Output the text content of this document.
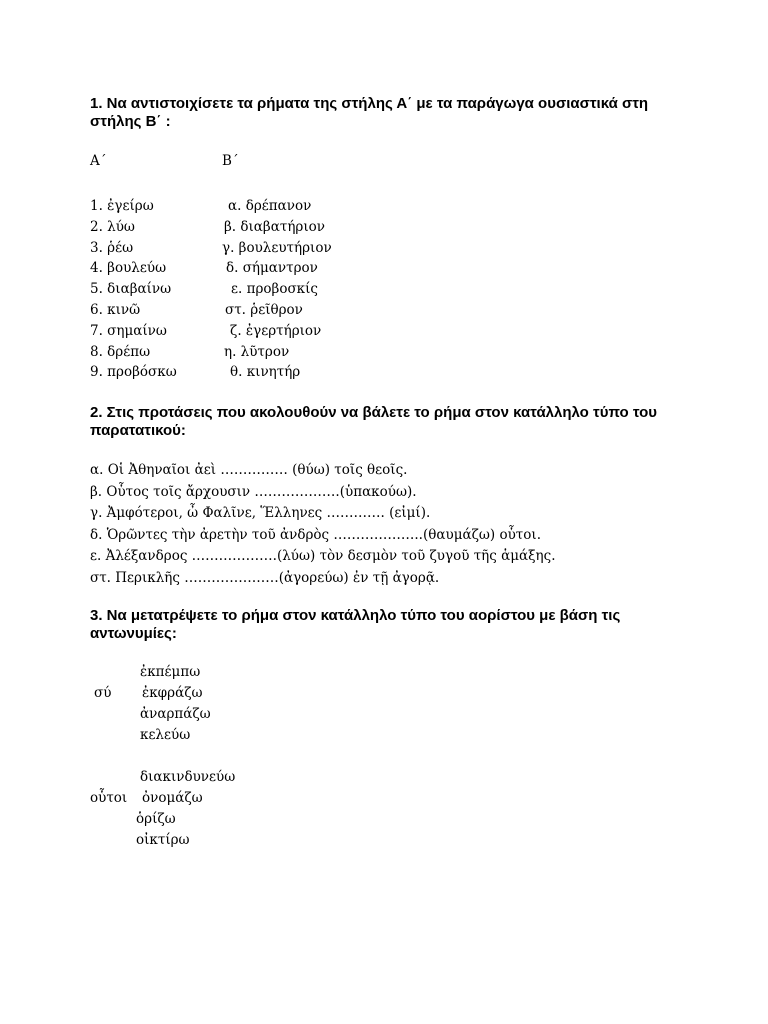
1. Να αντιστοιχίσετε τα ρήματα της στήλης Α΄ με τα παράγωγα ουσιαστικά στη στήλης Β΄ :
Α΄	Β΄
1. ἐγείρω	α. δρέπανον
2. λύω	β. διαβατήριον
3. ῥέω	γ. βουλευτήριον
4. βουλεύω	δ. σήμαντρον
5. διαβαίνω	ε. προβοσκίς
6. κινῶ	στ. ῥεῖθρον
7. σημαίνω	ζ. ἐγερτήριον
8. δρέπω	η. λῦτρον
9. προβόσκω	θ. κινητήρ
2. Στις προτάσεις που ακολουθούν να βάλετε το ρήμα στον κατάλληλο τύπο του παρατατικού:
α. Οἱ Ἀθηναῖοι ἀεὶ …………… (θύω) τοῖς θεοῖς.
β. Οὗτος τοῖς ἄρχουσιν ……………….(ὑπακούω).
γ. Ἀμφότεροι, ὦ Φαλῖνε, Ἕλληνες …………. (εἰμί).
δ. Ὁρῶντες τὴν ἀρετὴν τοῦ ἀνδρὸς ………………..(θαυμάζω) οὗτοι.
ε. Ἀλέξανδρος ……………….(λύω) τὸν δεσμὸν τοῦ ζυγοῦ τῆς ἁμάξης.
στ. Περικλῆς …………………(ἀγορεύω) ἐν τῇ ἀγορᾷ.
3. Να μετατρέψετε το ρήμα στον κατάλληλο τύπο του αορίστου με βάση τις αντωνυμίες:
ἐκπέμπω
σύ ἐκφράζω
ἀναρπάζω
κελεύω
διακινδυνεύω
οὗτοι ὀνομάζω
ὁρίζω
οἰκτίρω
